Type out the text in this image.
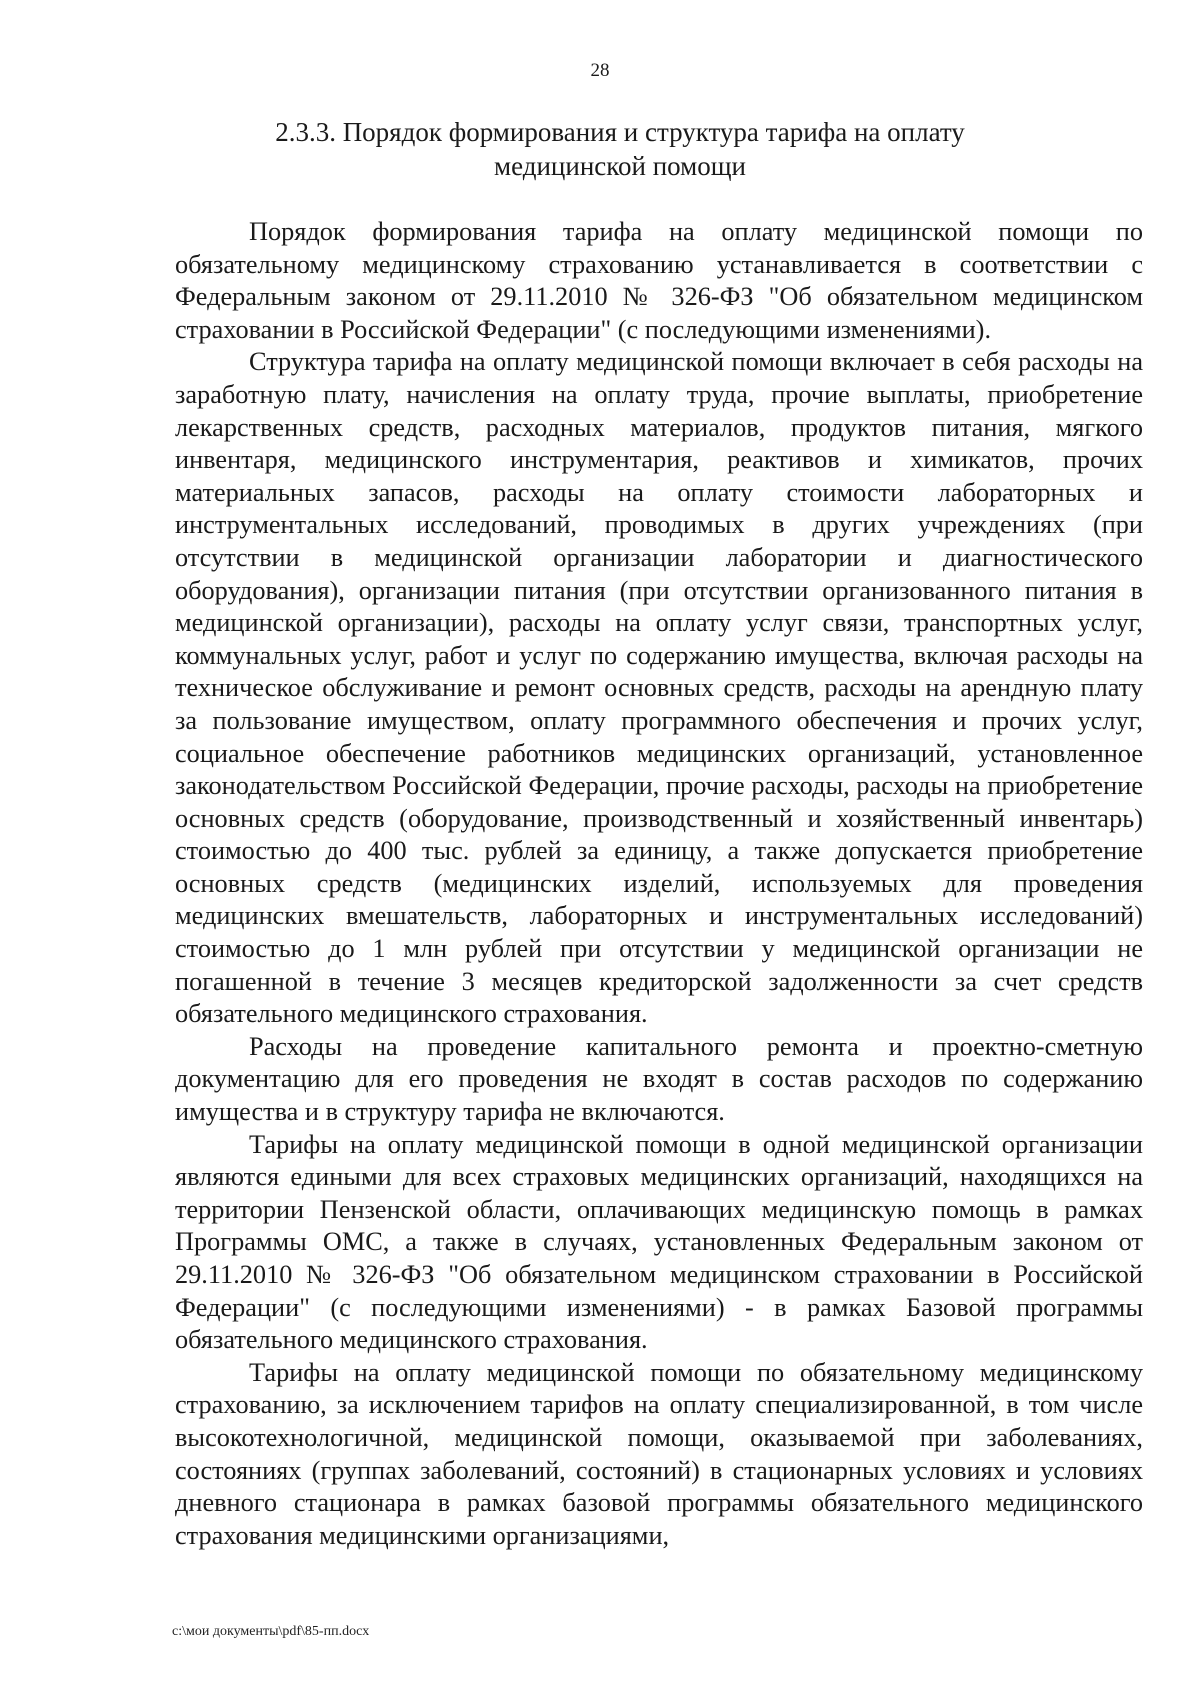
28
2.3.3. Порядок формирования и структура тарифа на оплату
медицинской помощи

Порядок формирования тарифа на оплату медицинской помощи по обязательному медицинскому страхованию устанавливается в соответствии с Федеральным законом от 29.11.2010 № 326-ФЗ "Об обязательном медицинском страховании в Российской Федерации" (с последующими изменениями).

Структура тарифа на оплату медицинской помощи включает в себя расходы на заработную плату, начисления на оплату труда, прочие выплаты, приобретение лекарственных средств, расходных материалов, продуктов питания, мягкого инвентаря, медицинского инструментария, реактивов и химикатов, прочих материальных запасов, расходы на оплату стоимости лабораторных и инструментальных исследований, проводимых в других учреждениях (при отсутствии в медицинской организации лаборатории и диагностического оборудования), организации питания (при отсутствии организованного питания в медицинской организации), расходы на оплату услуг связи, транспортных услуг, коммунальных услуг, работ и услуг по содержанию имущества, включая расходы на техническое обслуживание и ремонт основных средств, расходы на арендную плату за пользование имуществом, оплату программного обеспечения и прочих услуг, социальное обеспечение работников медицинских организаций, установленное законодательством Российской Федерации, прочие расходы, расходы на приобретение основных средств (оборудование, производственный и хозяйственный инвентарь) стоимостью до 400 тыс. рублей за единицу, а также допускается приобретение основных средств (медицинских изделий, используемых для проведения медицинских вмешательств, лабораторных и инструментальных исследований) стоимостью до 1 млн рублей при отсутствии у медицинской организации не погашенной в течение 3 месяцев кредиторской задолженности за счет средств обязательного медицинского страхования.

Расходы на проведение капитального ремонта и проектно-сметную документацию для его проведения не входят в состав расходов по содержанию имущества и в структуру тарифа не включаются.

Тарифы на оплату медицинской помощи в одной медицинской организации являются едиными для всех страховых медицинских организаций, находящихся на территории Пензенской области, оплачивающих медицинскую помощь в рамках Программы ОМС, а также в случаях, установленных Федеральным законом от 29.11.2010 № 326-ФЗ "Об обязательном медицинском страховании в Российской Федерации" (с последующими изменениями) - в рамках Базовой программы обязательного медицинского страхования.

Тарифы на оплату медицинской помощи по обязательному медицинскому страхованию, за исключением тарифов на оплату специализированной, в том числе высокотехнологичной, медицинской помощи, оказываемой при заболеваниях, состояниях (группах заболеваний, состояний) в стационарных условиях и условиях дневного стационара в рамках базовой программы обязательного медицинского страхования медицинскими организациями,

c:\мои документы\pdf\85-пп.docx
